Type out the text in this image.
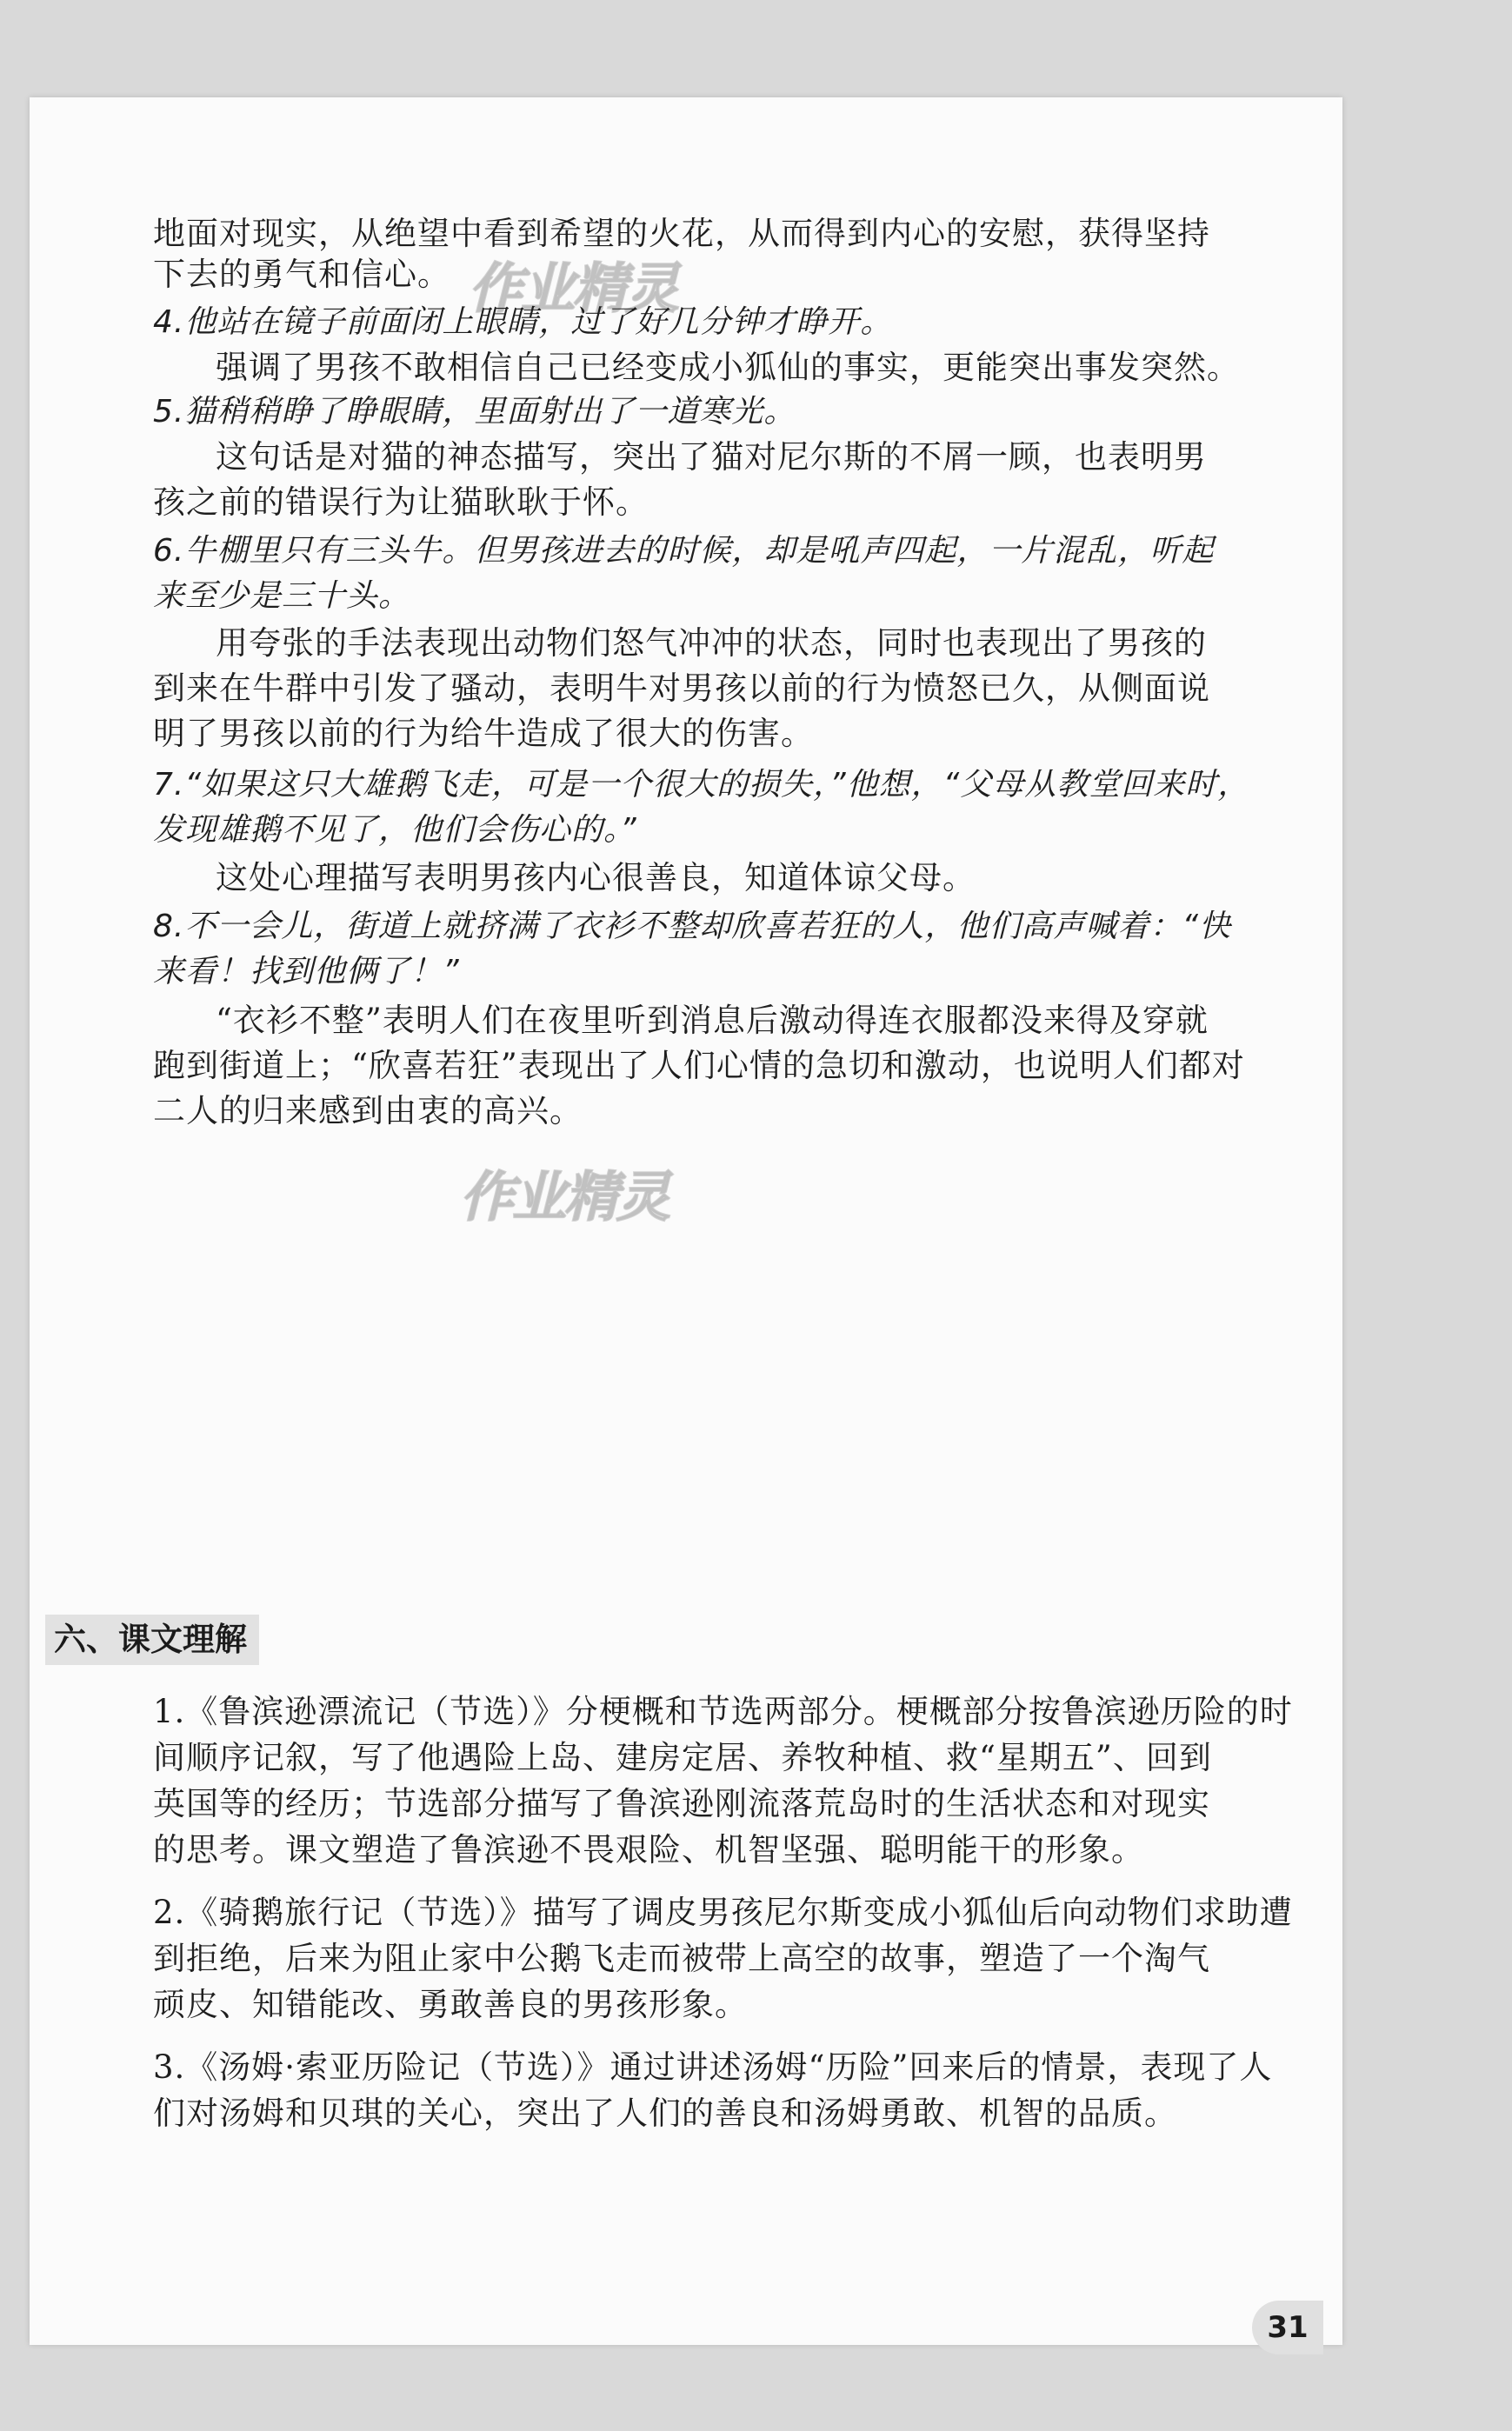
作业精灵
作业精灵
地面对现实，从绝望中看到希望的火花，从而得到内心的安慰，获得坚持
下去的勇气和信心。
4.他站在镜子前面闭上眼睛，过了好几分钟才睁开。
强调了男孩不敢相信自己已经变成小狐仙的事实，更能突出事发突然。
5.猫稍稍睁了睁眼睛，里面射出了一道寒光。
这句话是对猫的神态描写，突出了猫对尼尔斯的不屑一顾，也表明男
孩之前的错误行为让猫耿耿于怀。
6.牛棚里只有三头牛。但男孩进去的时候，却是吼声四起，一片混乱，听起
来至少是三十头。
用夸张的手法表现出动物们怒气冲冲的状态，同时也表现出了男孩的
到来在牛群中引发了骚动，表明牛对男孩以前的行为愤怒已久，从侧面说
明了男孩以前的行为给牛造成了很大的伤害。
7.“如果这只大雄鹅飞走，可是一个很大的损失，”他想，“父母从教堂回来时，
发现雄鹅不见了，他们会伤心的。”
这处心理描写表明男孩内心很善良，知道体谅父母。
8.不一会儿，街道上就挤满了衣衫不整却欣喜若狂的人，他们高声喊着：“快
来看！找到他俩了！”
“衣衫不整”表明人们在夜里听到消息后激动得连衣服都没来得及穿就
跑到街道上；“欣喜若狂”表现出了人们心情的急切和激动，也说明人们都对
二人的归来感到由衷的高兴。
六、课文理解
1.《鲁滨逊漂流记（节选）》分梗概和节选两部分。梗概部分按鲁滨逊历险的时
间顺序记叙，写了他遇险上岛、建房定居、养牧种植、救“星期五”、回到
英国等的经历；节选部分描写了鲁滨逊刚流落荒岛时的生活状态和对现实
的思考。课文塑造了鲁滨逊不畏艰险、机智坚强、聪明能干的形象。
2.《骑鹅旅行记（节选）》描写了调皮男孩尼尔斯变成小狐仙后向动物们求助遭
到拒绝，后来为阻止家中公鹅飞走而被带上高空的故事，塑造了一个淘气
顽皮、知错能改、勇敢善良的男孩形象。
3.《汤姆·索亚历险记（节选）》通过讲述汤姆“历险”回来后的情景，表现了人
们对汤姆和贝琪的关心，突出了人们的善良和汤姆勇敢、机智的品质。
31
